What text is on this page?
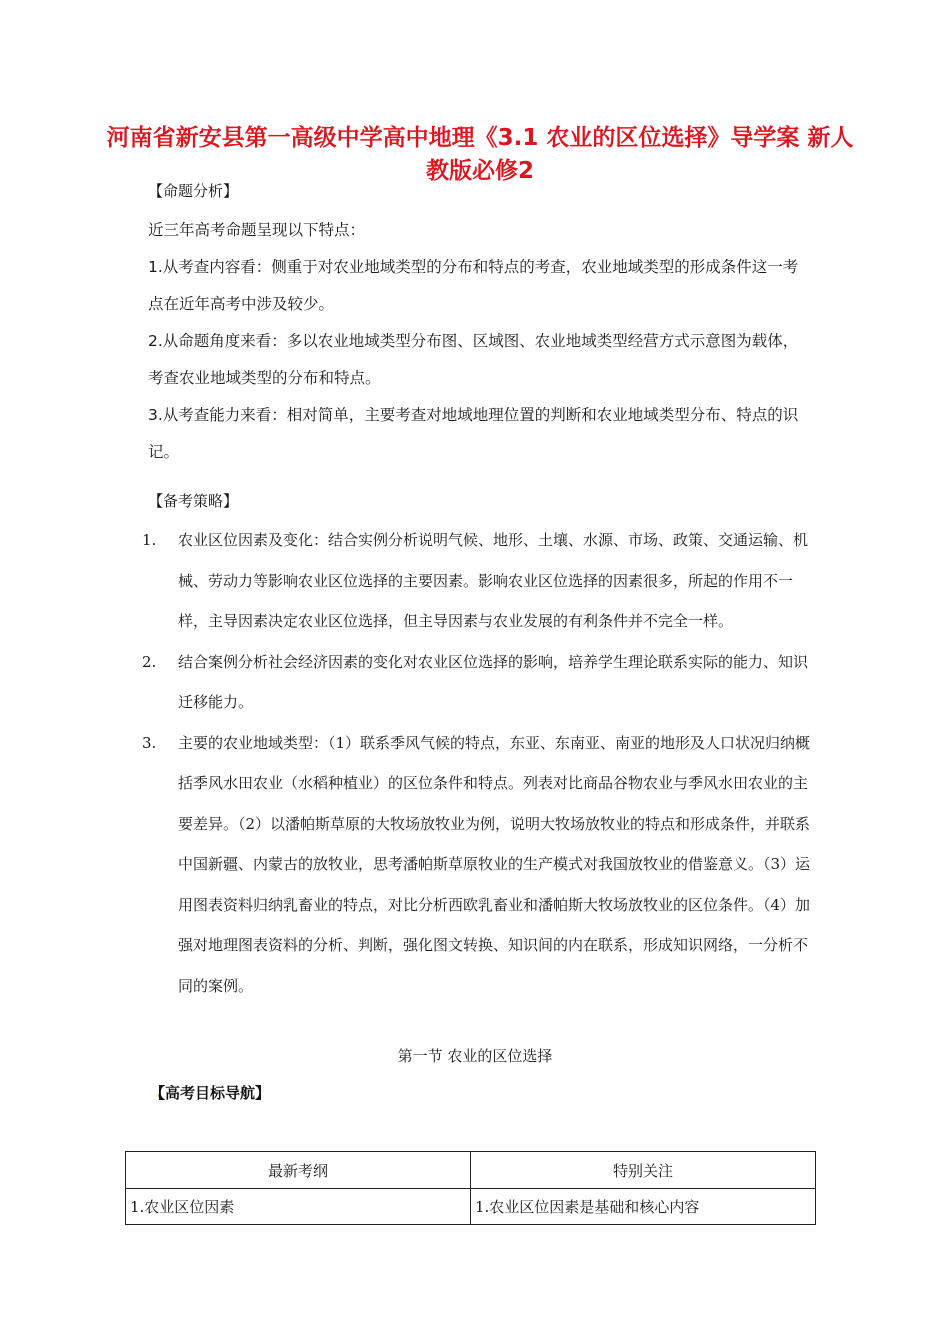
河南省新安县第一高级中学高中地理《3.1 农业的区位选择》导学案 新人教版必修2
【命题分析】

近三年高考命题呈现以下特点：

1.从考查内容看：侧重于对农业地域类型的分布和特点的考查，农业地域类型的形成条件这一考点在近年高考中涉及较少。

2.从命题角度来看：多以农业地域类型分布图、区域图、农业地域类型经营方式示意图为载体，考查农业地域类型的分布和特点。

3.从考查能力来看：相对简单，主要考查对地域地理位置的判断和农业地域类型分布、特点的识记。

【备考策略】
1. 农业区位因素及变化：结合实例分析说明气候、地形、土壤、水源、市场、政策、交通运输、机械、劳动力等影响农业区位选择的主要因素。影响农业区位选择的因素很多，所起的作用不一样，主导因素决定农业区位选择，但主导因素与农业发展的有利条件并不完全一样。
2. 结合案例分析社会经济因素的变化对农业区位选择的影响，培养学生理论联系实际的能力、知识迁移能力。
3. 主要的农业地域类型：（1）联系季风气候的特点，东亚、东南亚、南亚的地形及人口状况归纳概括季风水田农业（水稻种植业）的区位条件和特点。列表对比商品谷物农业与季风水田农业的主要差异。（2）以潘帕斯草原的大牧场放牧业为例，说明大牧场放牧业的特点和形成条件，并联系中国新疆、内蒙古的放牧业，思考潘帕斯草原牧业的生产模式对我国放牧业的借鉴意义。（3）运用图表资料归纳乳畜业的特点，对比分析西欧乳畜业和潘帕斯大牧场放牧业的区位条件。（4）加强对地理图表资料的分析、判断，强化图文转换、知识间的内在联系，形成知识网络，一分析不同的案例。
第一节 农业的区位选择
【高考目标导航】
最新考纲	特别关注
1.农业区位因素	1.农业区位因素是基础和核心内容
